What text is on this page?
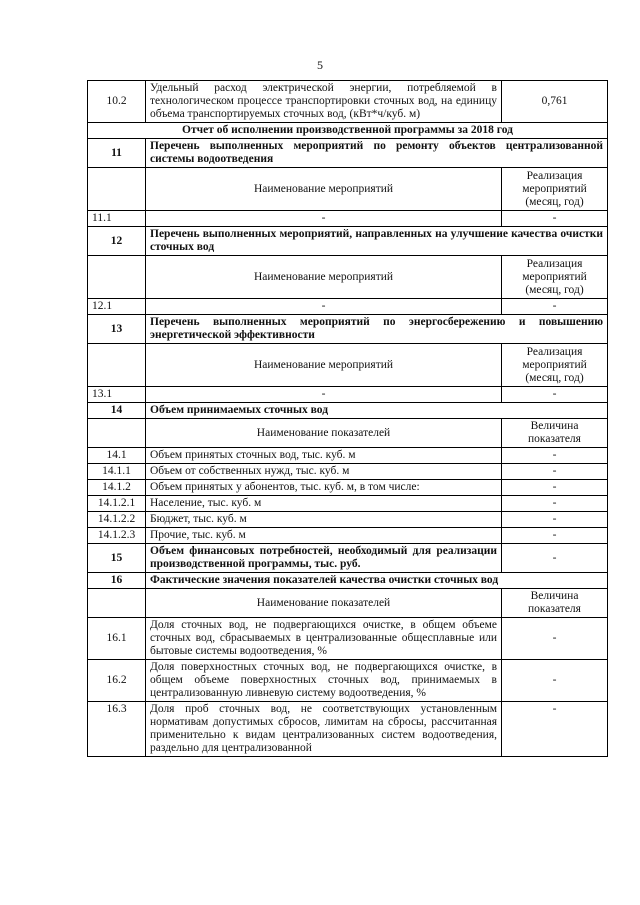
5
10.2	Удельный расход электрической энергии, потребляемой в технологическом процессе транспортировки сточных вод, на единицу объема транспортируемых сточных вод, (кВт*ч/куб. м)	0,761
Отчет об исполнении производственной программы за 2018 год		
11	Перечень выполненных мероприятий по ремонту объектов централизованной системы водоотведения	
	Наименование мероприятий	Реализация мероприятий (месяц, год)
11.1	-	-
12	Перечень выполненных мероприятий, направленных на улучшение качества очистки сточных вод	
	Наименование мероприятий	Реализация мероприятий (месяц, год)
12.1	-	-
13	Перечень выполненных мероприятий по энергосбережению и повышению энергетической эффективности	
	Наименование мероприятий	Реализация мероприятий (месяц, год)
13.1	-	-
14	Объем принимаемых сточных вод	
	Наименование показателей	Величина показателя
14.1	Объем принятых сточных вод, тыс. куб. м	-
14.1.1	Объем от собственных нужд, тыс. куб. м	-
14.1.2	Объем принятых у абонентов, тыс. куб. м, в том числе:	-
14.1.2.1	Население, тыс. куб. м	-
14.1.2.2	Бюджет, тыс. куб. м	-
14.1.2.3	Прочие, тыс. куб. м	-
15	Объем финансовых потребностей, необходимый для реализации производственной программы, тыс. руб.	-
16	Фактические значения показателей качества очистки сточных вод	
	Наименование показателей	Величина показателя
16.1	Доля сточных вод, не подвергающихся очистке, в общем объеме сточных вод, сбрасываемых в централизованные общесплавные или бытовые системы водоотведения, %	-
16.2	Доля поверхностных сточных вод, не подвергающихся очистке, в общем объеме поверхностных сточных вод, принимаемых в централизованную ливневую систему водоотведения, %	-
16.3	Доля проб сточных вод, не соответствующих установленным нормативам допустимых сбросов, лимитам на сбросы, рассчитанная применительно к видам централизованных систем водоотведения, раздельно для централизованной	-
